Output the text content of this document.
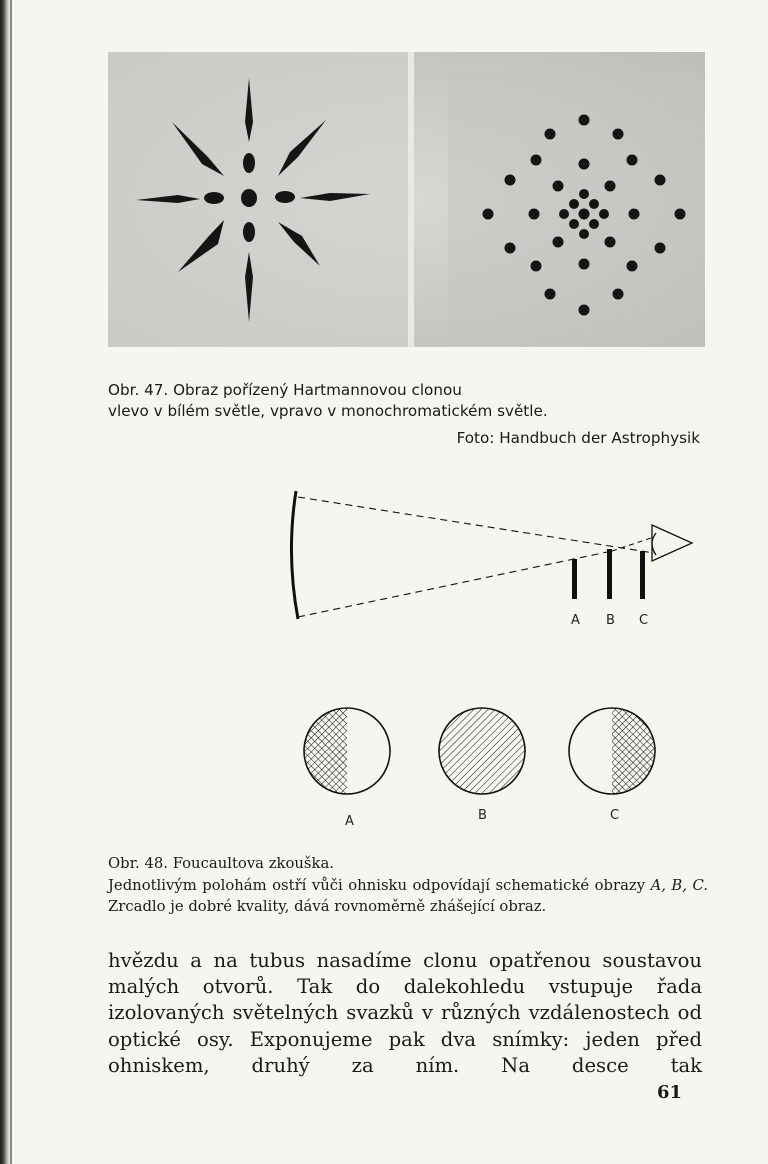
Obr. 47. Obraz pořízený Hartmannovou clonou
vlevo v bílém světle, vpravo v monochromatickém světle.
Foto: Handbuch der Astrophysik
A B C
A	B	C
Obr. 48. Foucaultova zkouška.
Jednotlivým polohám ostří vůči ohnisku odpovídají schematické obrazy A, B, C. Zrcadlo je dobré kvality, dává rovnoměrně zhášející obraz.
hvězdu a na tubus nasadíme clonu opatřenou soustavou malých otvorů. Tak do dalekohledu vstupuje řada izolovaných světelných svazků v různých vzdálenostech od optické osy. Exponujeme pak dva snímky: jeden před ohniskem, druhý za ním. Na desce tak
61
